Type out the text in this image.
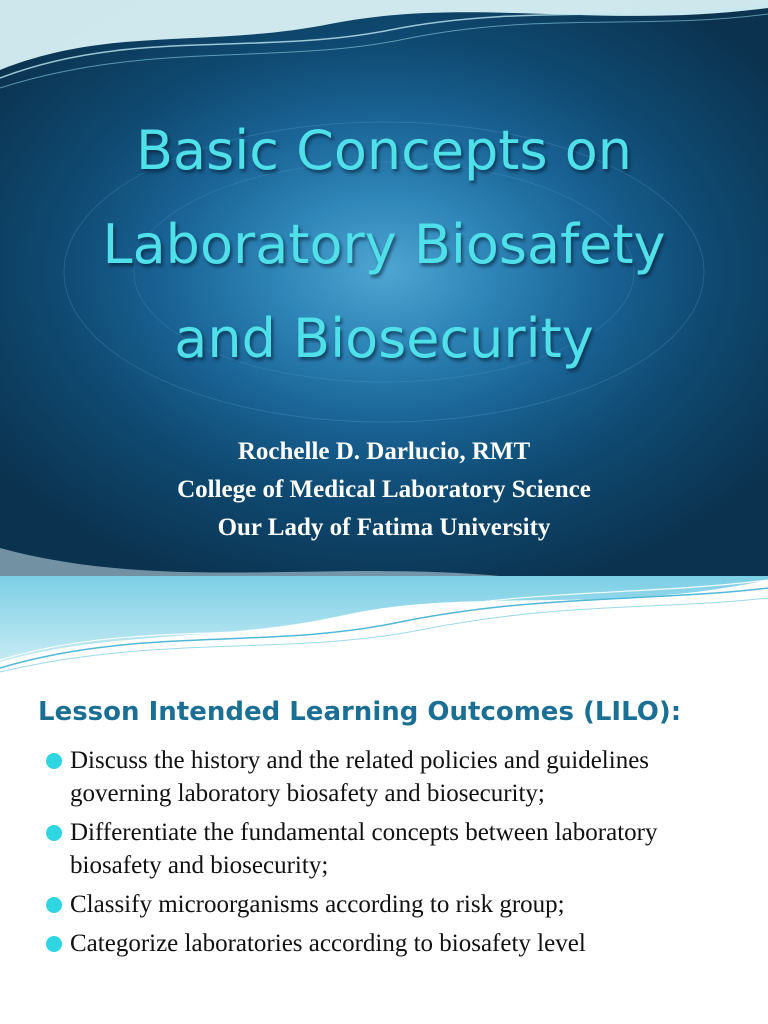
Basic Concepts on
Laboratory Biosafety
and Biosecurity
Rochelle D. Darlucio, RMT
College of Medical Laboratory Science
Our Lady of Fatima University
Lesson Intended Learning Outcomes (LILO):
Discuss the history and the related policies and guidelines governing laboratory biosafety and biosecurity;
Differentiate the fundamental concepts between laboratory biosafety and biosecurity;
Classify microorganisms according to risk group;
Categorize laboratories according to biosafety level
